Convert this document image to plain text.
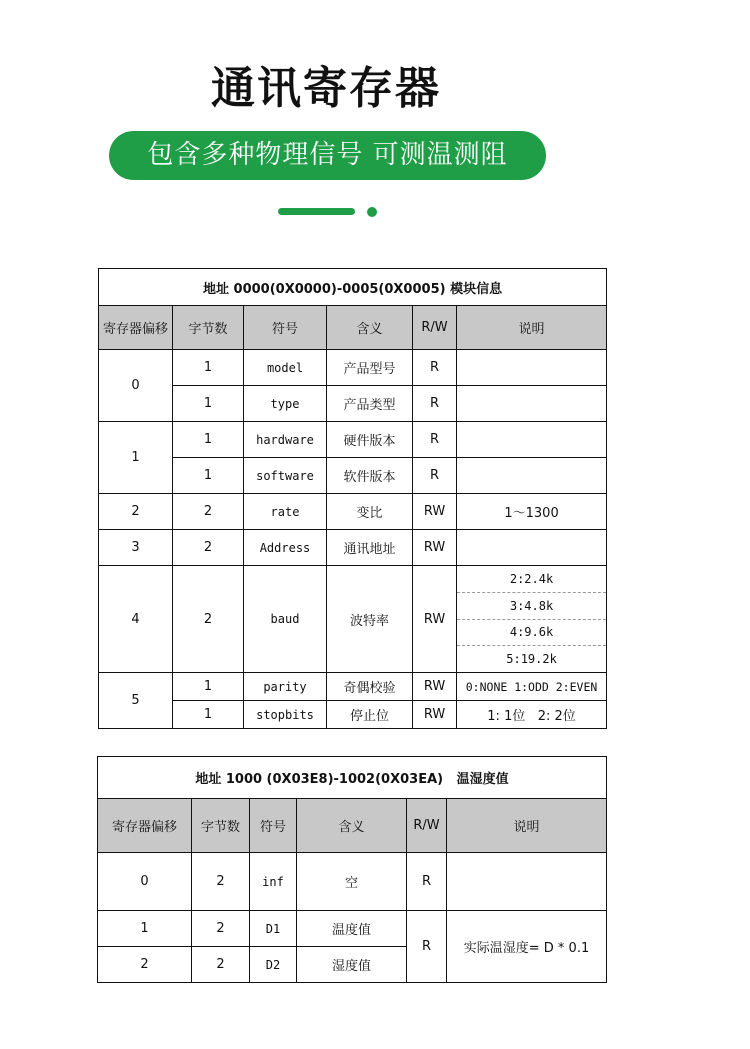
通讯寄存器
包含多种物理信号 可测温测阻
地址 0000(0X0000)-0005(0X0005) 模块信息					
寄存器偏移	字节数	符号	含义	R/W	说明
0	1	model	产品型号	R	
	1	type	产品类型	R	
1	1	hardware	硬件版本	R	
	1	software	软件版本	R	
2	2	rate	变比	RW	1～1300
3	2	Address	通讯地址	RW	
4	2	baud	波特率	RW	2:2.4k
3:4.8k
4:9.6k
5:19.2k

5	1	parity	奇偶校验	RW	0:NONE 1:ODD 2:EVEN
	1	stopbits	停止位	RW	1: 1位   2: 2位
地址 1000 (0X03E8)-1002(0X03EA)   温湿度值					
寄存器偏移	字节数	符号	含义	R/W	说明
0	2	inf	空	R	
1	2	D1	温度值	R	实际温湿度= D * 0.1
2	2	D2	湿度值		
